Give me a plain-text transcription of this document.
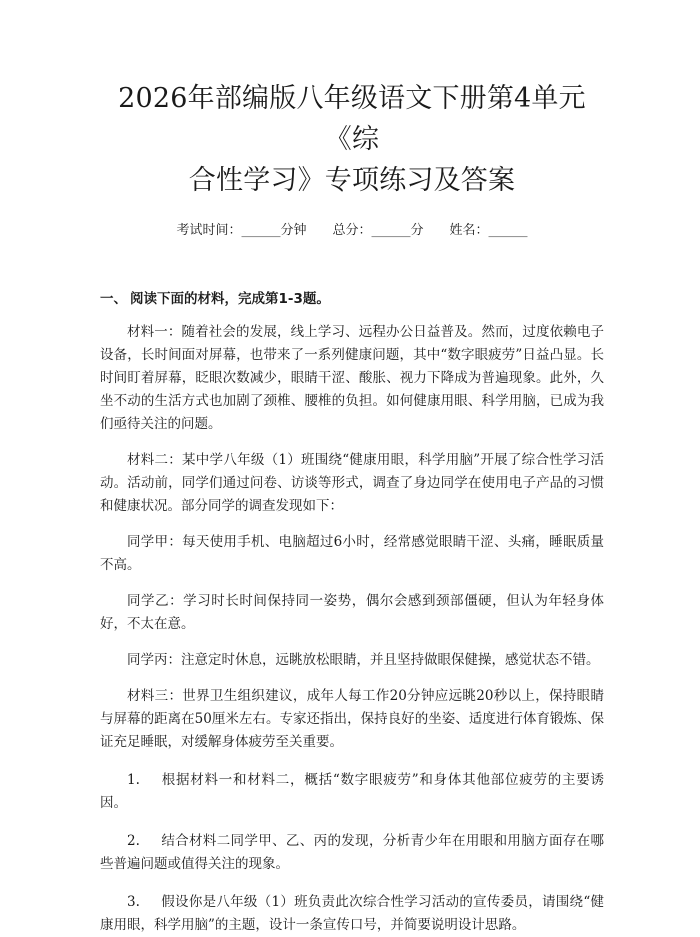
2026年部编版八年级语文下册第4单元《综
合性学习》专项练习及答案
考试时间：______分钟 总分：______分 姓名：______
一、 阅读下面的材料，完成第1-3题。

材料一：随着社会的发展，线上学习、远程办公日益普及。然而，过度依赖电子设备，长时间面对屏幕，也带来了一系列健康问题，其中“数字眼疲劳”日益凸显。长时间盯着屏幕，眨眼次数减少，眼睛干涩、酸胀、视力下降成为普遍现象。此外，久坐不动的生活方式也加剧了颈椎、腰椎的负担。如何健康用眼、科学用脑，已成为我们亟待关注的问题。

材料二：某中学八年级（1）班围绕“健康用眼，科学用脑”开展了综合性学习活动。活动前，同学们通过问卷、访谈等形式，调查了身边同学在使用电子产品的习惯和健康状况。部分同学的调查发现如下：

同学甲：每天使用手机、电脑超过6小时，经常感觉眼睛干涩、头痛，睡眠质量不高。

同学乙：学习时长时间保持同一姿势，偶尔会感到颈部僵硬，但认为年轻身体好，不太在意。

同学丙：注意定时休息，远眺放松眼睛，并且坚持做眼保健操，感觉状态不错。

材料三：世界卫生组织建议，成年人每工作20分钟应远眺20秒以上，保持眼睛与屏幕的距离在50厘米左右。专家还指出，保持良好的坐姿、适度进行体育锻炼、保证充足睡眠，对缓解身体疲劳至关重要。

1. 根据材料一和材料二，概括“数字眼疲劳”和身体其他部位疲劳的主要诱因。

2. 结合材料二同学甲、乙、丙的发现，分析青少年在用眼和用脑方面存在哪些普遍问题或值得关注的现象。

3. 假设你是八年级（1）班负责此次综合性学习活动的宣传委员，请围绕“健康用眼，科学用脑”的主题，设计一条宣传口号，并简要说明设计思路。
